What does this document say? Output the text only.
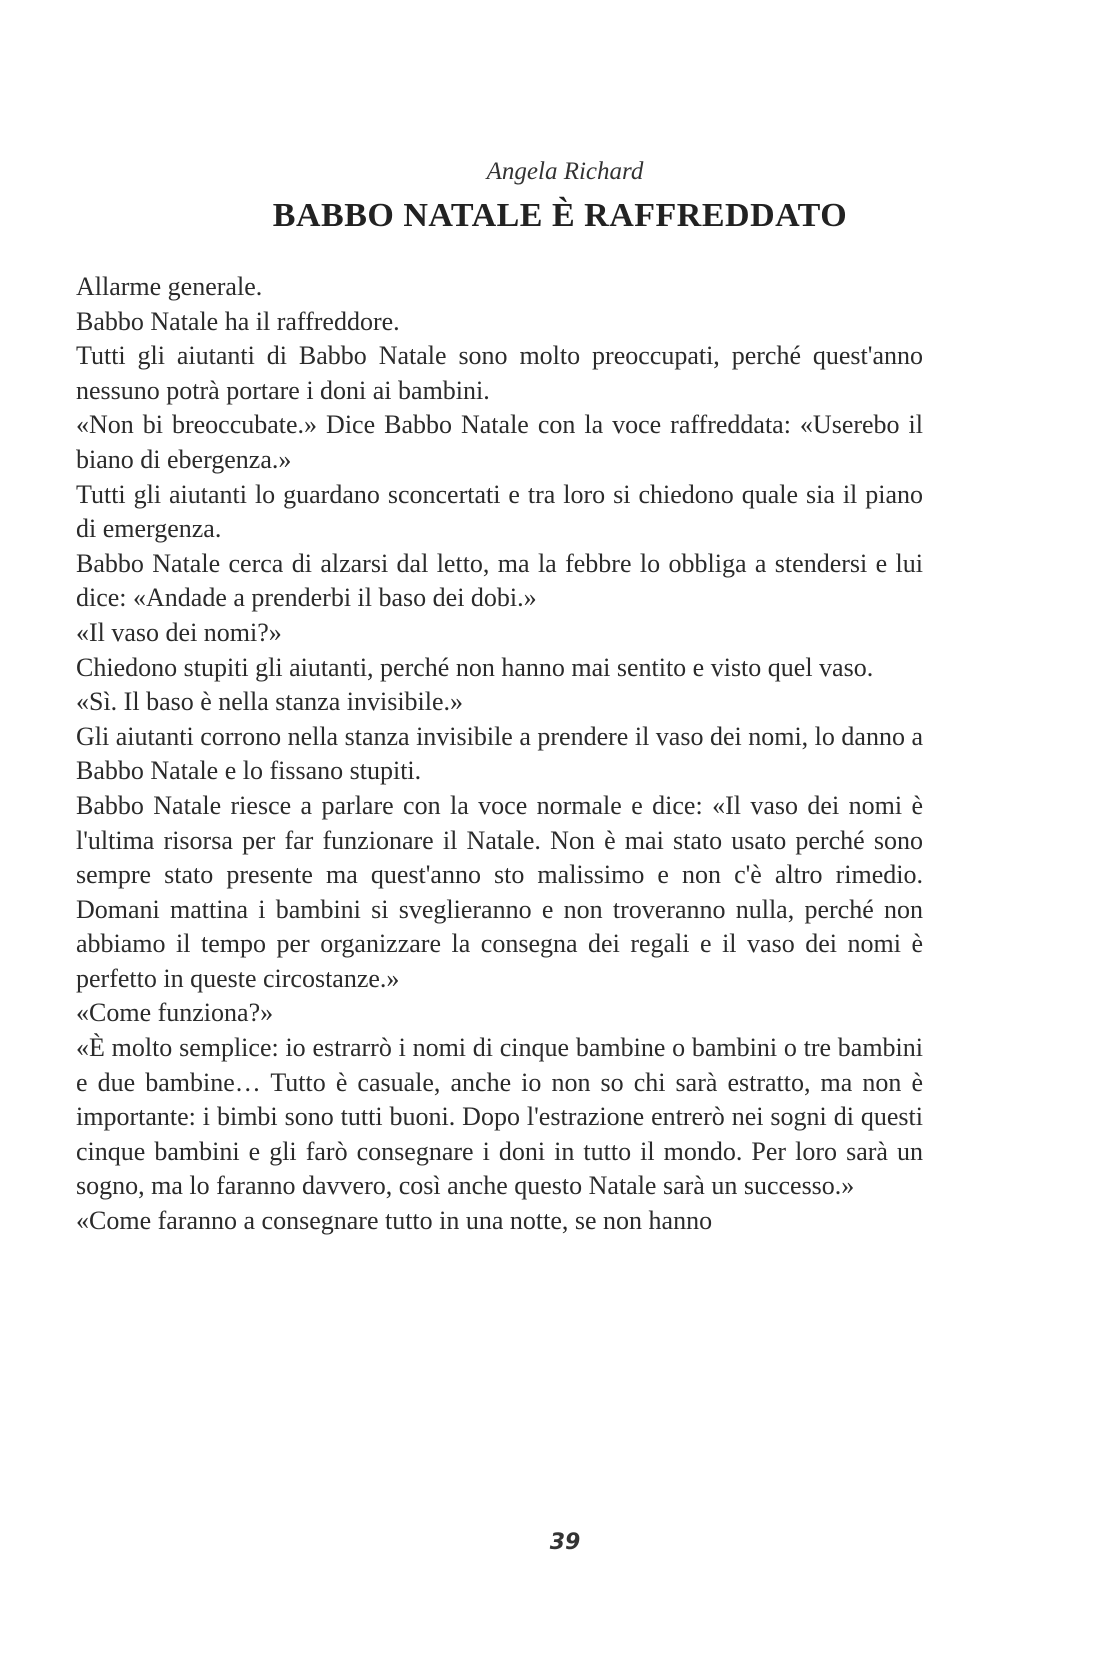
Angela Richard
BABBO NATALE È RAFFREDDATO

Allarme generale.

Babbo Natale ha il raffreddore.

Tutti gli aiutanti di Babbo Natale sono molto preoccupati, perché quest'anno nessuno potrà portare i doni ai bambini.

«Non bi breoccubate.» Dice Babbo Natale con la voce raffreddata: «Userebo il biano di ebergenza.»

Tutti gli aiutanti lo guardano sconcertati e tra loro si chiedono quale sia il piano di emergenza.

Babbo Natale cerca di alzarsi dal letto, ma la febbre lo obbliga a stendersi e lui dice: «Andade a prenderbi il baso dei dobi.»

«Il vaso dei nomi?»

Chiedono stupiti gli aiutanti, perché non hanno mai sentito e visto quel vaso.

«Sì. Il baso è nella stanza invisibile.»

Gli aiutanti corrono nella stanza invisibile a prendere il vaso dei nomi, lo danno a Babbo Natale e lo fissano stupiti.

Babbo Natale riesce a parlare con la voce normale e dice: «Il vaso dei nomi è l'ultima risorsa per far funzionare il Natale. Non è mai stato usato perché sono sempre stato presente ma quest'anno sto malissimo e non c'è altro rimedio. Domani mattina i bambini si sveglieranno e non troveranno nulla, perché non abbiamo il tempo per organizzare la consegna dei regali e il vaso dei nomi è perfetto in queste circostanze.»

«Come funziona?»

«È molto semplice: io estrarrò i nomi di cinque bambine o bambini o tre bambini e due bambine… Tutto è casuale, anche io non so chi sarà estratto, ma non è importante: i bimbi sono tutti buoni. Dopo l'estrazione entrerò nei sogni di questi cinque bambini e gli farò consegnare i doni in tutto il mondo. Per loro sarà un sogno, ma lo faranno davvero, così anche questo Natale sarà un successo.»

«Come faranno a consegnare tutto in una notte, se non hanno

39
